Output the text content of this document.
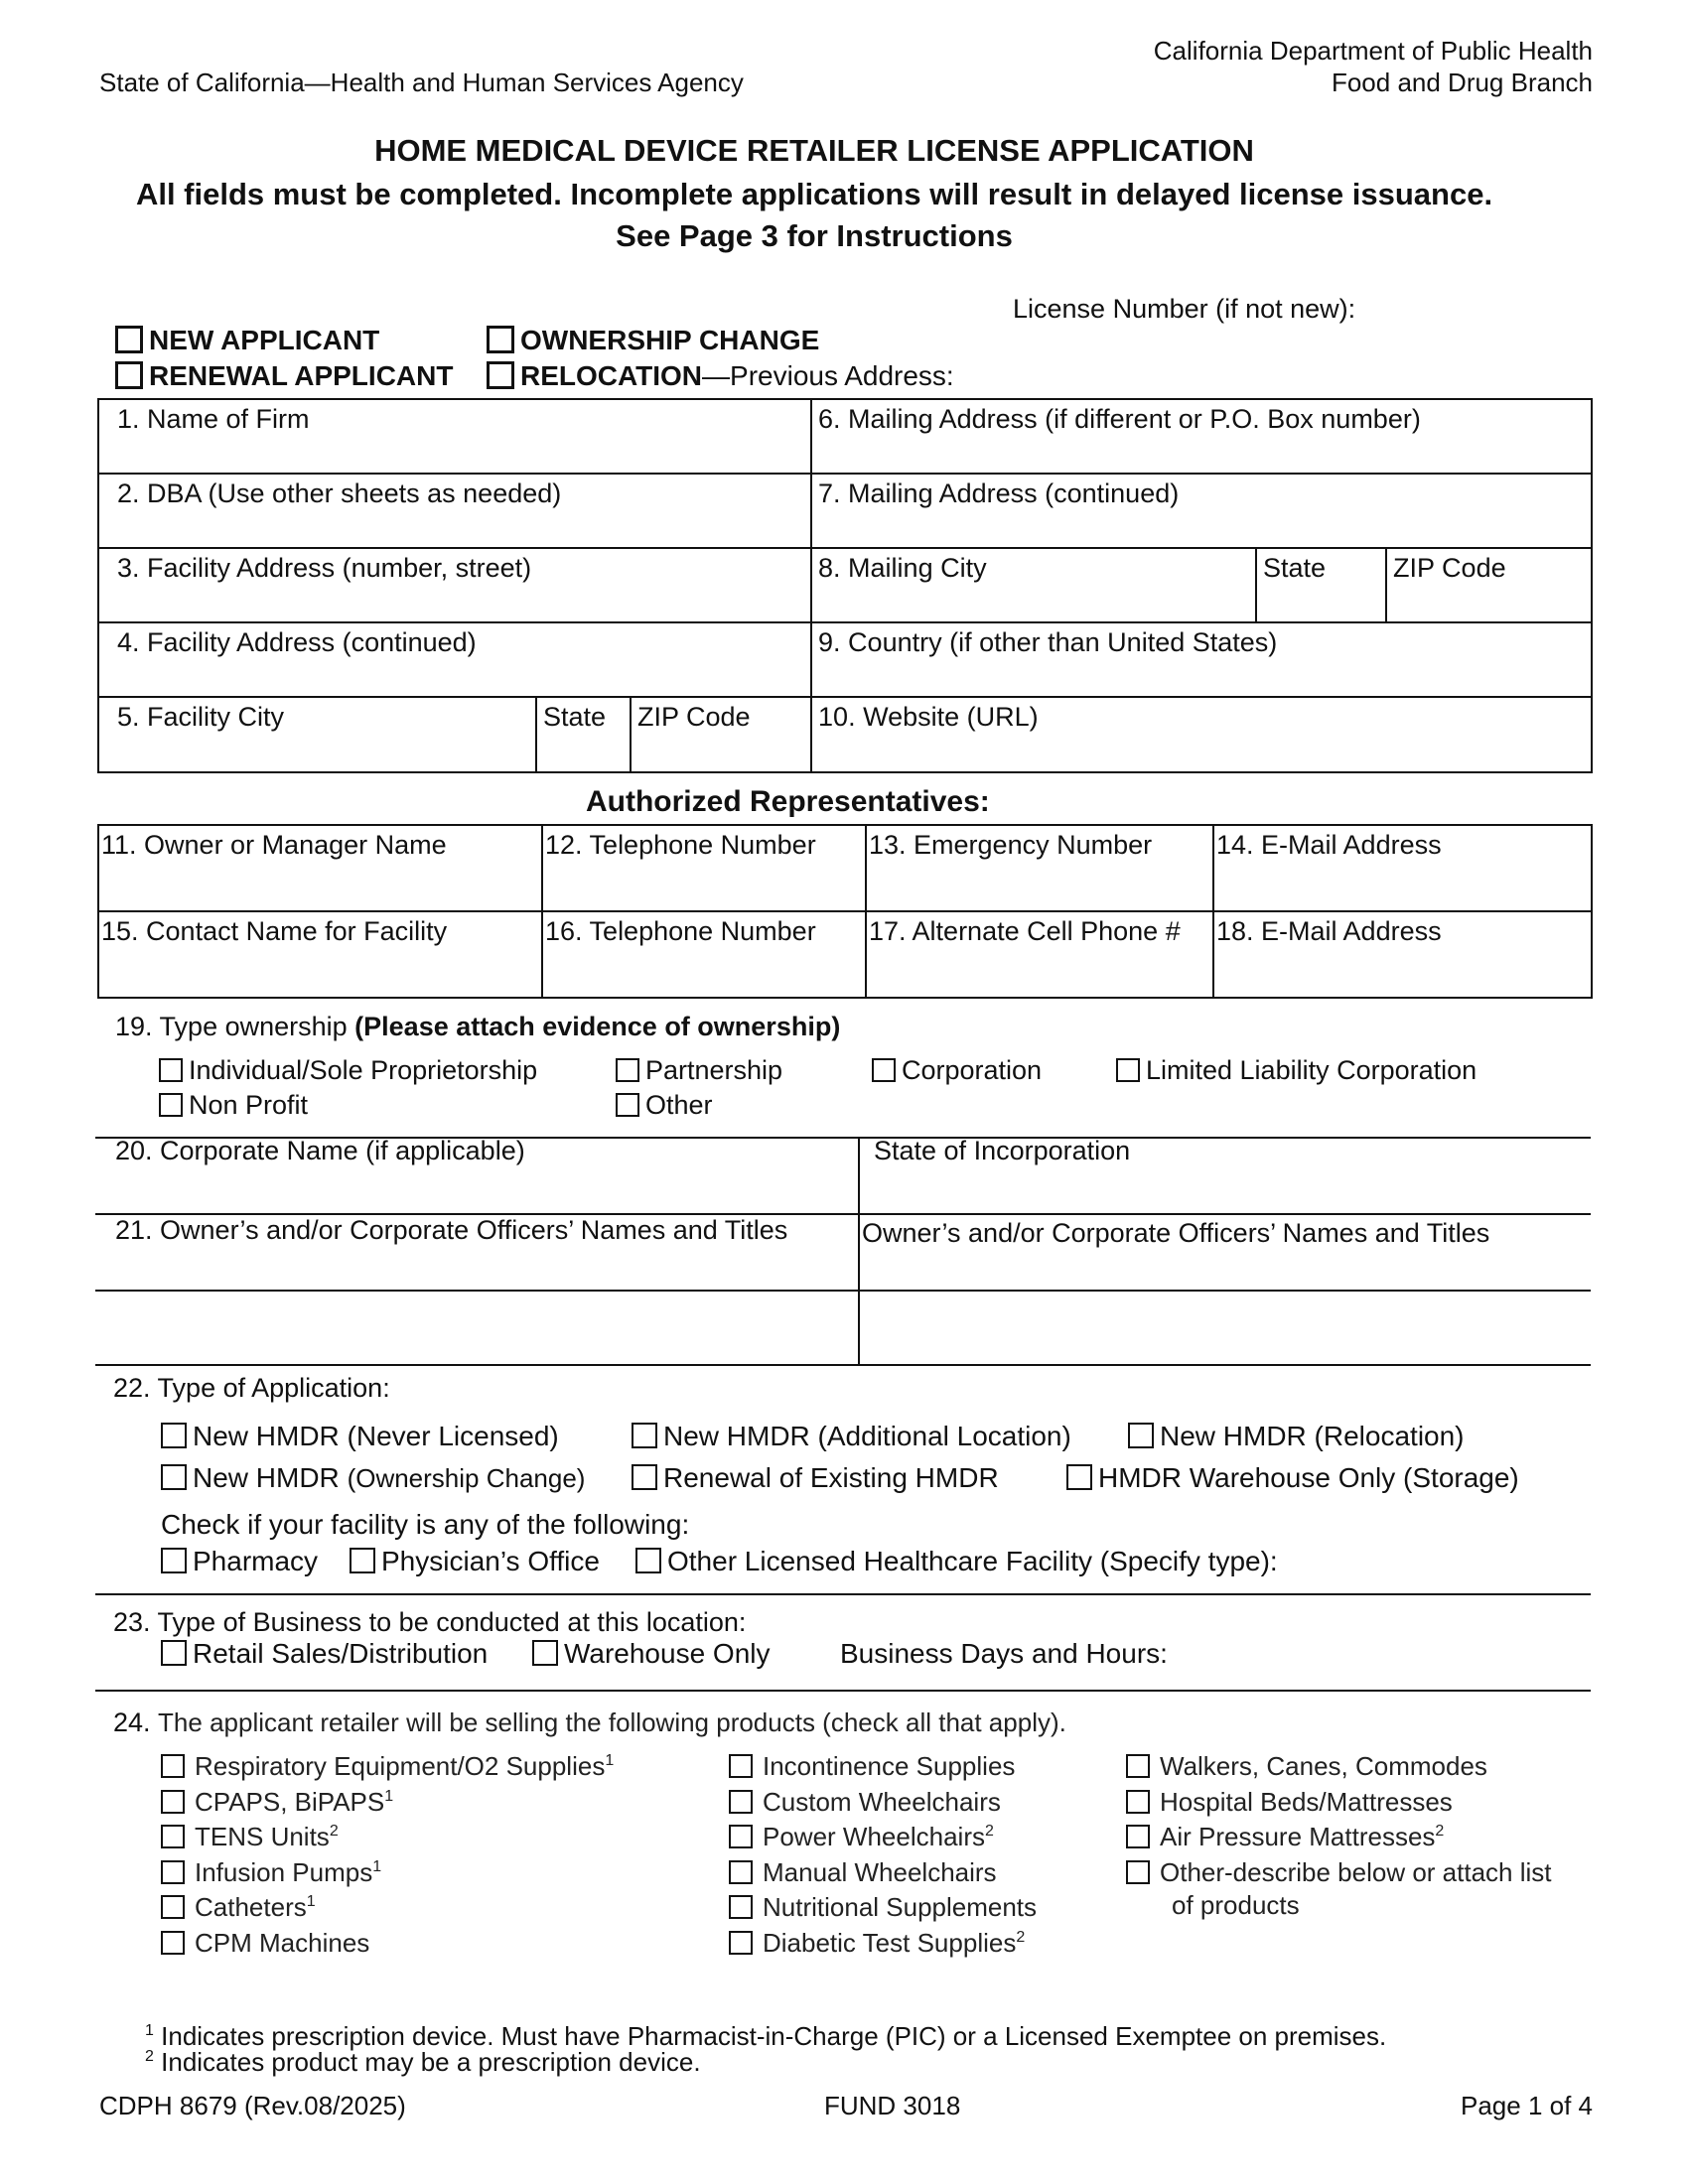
State of California—Health and Human Services Agency
California Department of Public Health
Food and Drug Branch
HOME MEDICAL DEVICE RETAILER LICENSE APPLICATION
All fields must be completed. Incomplete applications will result in delayed license issuance.
See Page 3 for Instructions
License Number (if not new):
NEW APPLICANT
RENEWAL APPLICANT
OWNERSHIP CHANGE
RELOCATION—Previous Address:
1. Name of Firm			6. Mailing Address (if different or P.O. Box number)		
2. DBA (Use other sheets as needed)			7. Mailing Address (continued)		
3. Facility Address (number, street)			8. Mailing City	State	ZIP Code
4. Facility Address (continued)			9. Country (if other than United States)		
5. Facility City	State	ZIP Code	10. Website (URL)		
Authorized Representatives:
11. Owner or Manager Name	12. Telephone Number	13. Emergency Number	14. E-Mail Address
15. Contact Name for Facility	16. Telephone Number	17. Alternate Cell Phone #	18. E-Mail Address
19. Type ownership (Please attach evidence of ownership)
Individual/Sole Proprietorship	Partnership	Corporation	Limited Liability Corporation
Non Profit	Other
20. Corporate Name (if applicable)	State of Incorporation
21. Owner’s and/or Corporate Officers’ Names and Titles	Owner’s and/or Corporate Officers’ Names and Titles
22. Type of Application:
New HMDR (Never Licensed)	New HMDR (Additional Location)	New HMDR (Relocation)
New HMDR (Ownership Change)	Renewal of Existing HMDR	HMDR Warehouse Only (Storage)
Check if your facility is any of the following:
Pharmacy	Physician’s Office	Other Licensed Healthcare Facility (Specify type):
23. Type of Business to be conducted at this location:
Retail Sales/Distribution	Warehouse Only	Business Days and Hours:
24. The applicant retailer will be selling the following products (check all that apply).
Respiratory Equipment/O2 Supplies$^1$
CPAPS, BiPAPS$^1$
TENS Units$^2$
Infusion Pumps$^1$
Catheters$^1$
CPM Machines
Incontinence Supplies
Custom Wheelchairs
Power Wheelchairs$^2$
Manual Wheelchairs
Nutritional Supplements
Diabetic Test Supplies$^2$
Walkers, Canes, Commodes
Hospital Beds/Mattresses
Air Pressure Mattresses$^2$
Other-describe below or attach list
of products
$^1$ Indicates prescription device. Must have Pharmacist-in-Charge (PIC) or a Licensed Exemptee on premises.
$^2$ Indicates product may be a prescription device.
CDPH 8679 (Rev.08/2025)	FUND 3018	Page 1 of 4
